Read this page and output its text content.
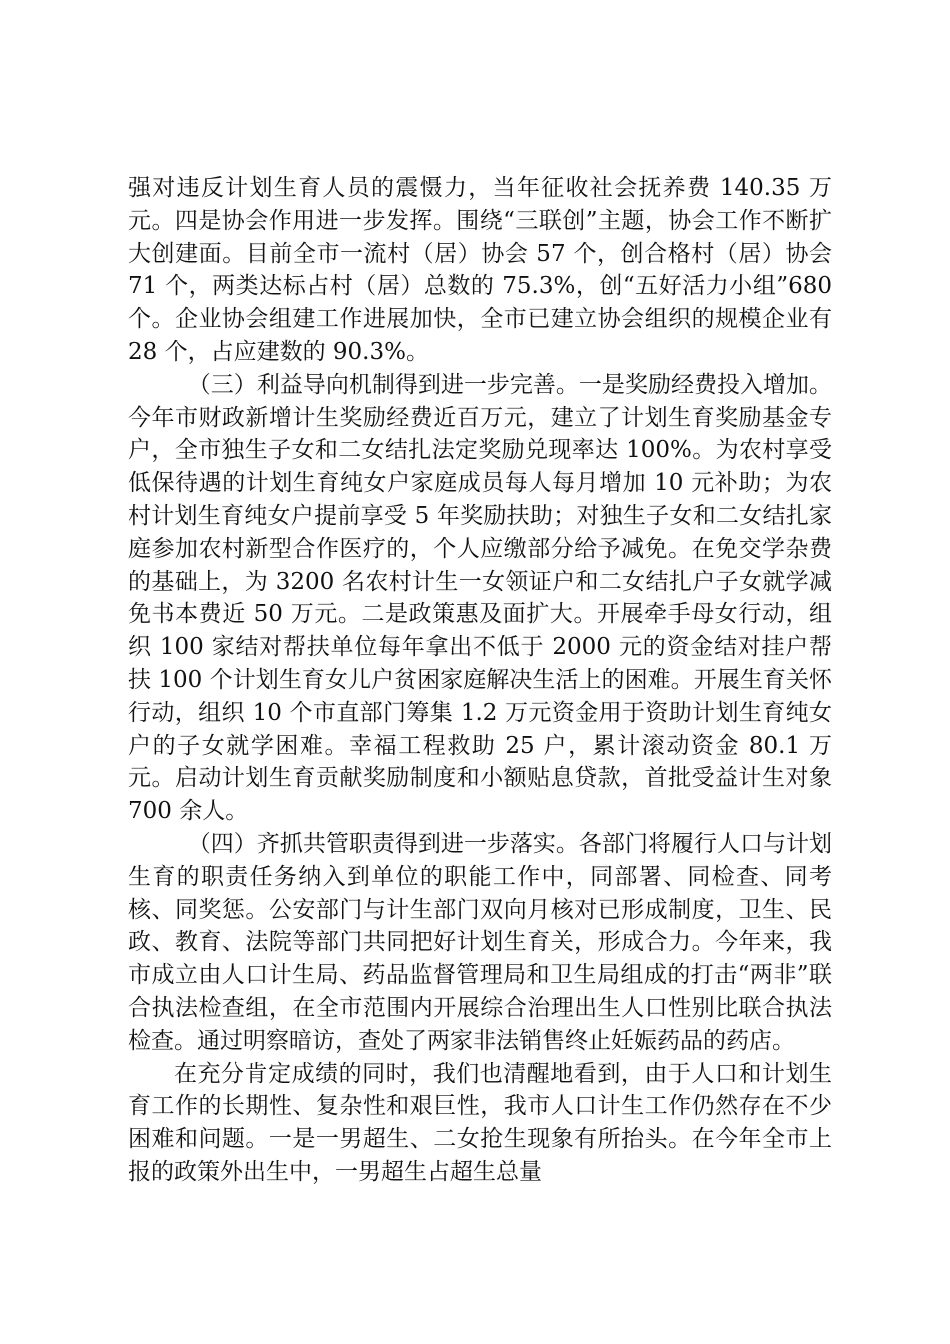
强对违反计划生育人员的震慑力，当年征收社会抚养费 140.35 万元。四是协会作用进一步发挥。围绕“三联创”主题，协会工作不断扩大创建面。目前全市一流村（居）协会 57 个，创合格村（居）协会 71 个，两类达标占村（居）总数的 75.3%，创“五好活力小组”680 个。企业协会组建工作进展加快，全市已建立协会组织的规模企业有 28 个，占应建数的 90.3%。

（三）利益导向机制得到进一步完善。一是奖励经费投入增加。今年市财政新增计生奖励经费近百万元，建立了计划生育奖励基金专户，全市独生子女和二女结扎法定奖励兑现率达 100%。为农村享受低保待遇的计划生育纯女户家庭成员每人每月增加 10 元补助；为农村计划生育纯女户提前享受 5 年奖励扶助；对独生子女和二女结扎家庭参加农村新型合作医疗的，个人应缴部分给予减免。在免交学杂费的基础上，为 3200 名农村计生一女领证户和二女结扎户子女就学减免书本费近 50 万元。二是政策惠及面扩大。开展牵手母女行动，组织 100 家结对帮扶单位每年拿出不低于 2000 元的资金结对挂户帮扶 100 个计划生育女儿户贫困家庭解决生活上的困难。开展生育关怀行动，组织 10 个市直部门筹集 1.2 万元资金用于资助计划生育纯女户的子女就学困难。幸福工程救助 25 户，累计滚动资金 80.1 万元。启动计划生育贡献奖励制度和小额贴息贷款，首批受益计生对象 700 余人。

（四）齐抓共管职责得到进一步落实。各部门将履行人口与计划生育的职责任务纳入到单位的职能工作中，同部署、同检查、同考核、同奖惩。公安部门与计生部门双向月核对已形成制度，卫生、民政、教育、法院等部门共同把好计划生育关，形成合力。今年来，我市成立由人口计生局、药品监督管理局和卫生局组成的打击“两非”联合执法检查组，在全市范围内开展综合治理出生人口性别比联合执法检查。通过明察暗访，查处了两家非法销售终止妊娠药品的药店。

在充分肯定成绩的同时，我们也清醒地看到，由于人口和计划生育工作的长期性、复杂性和艰巨性，我市人口计生工作仍然存在不少困难和问题。一是一男超生、二女抢生现象有所抬头。在今年全市上报的政策外出生中，一男超生占超生总量
